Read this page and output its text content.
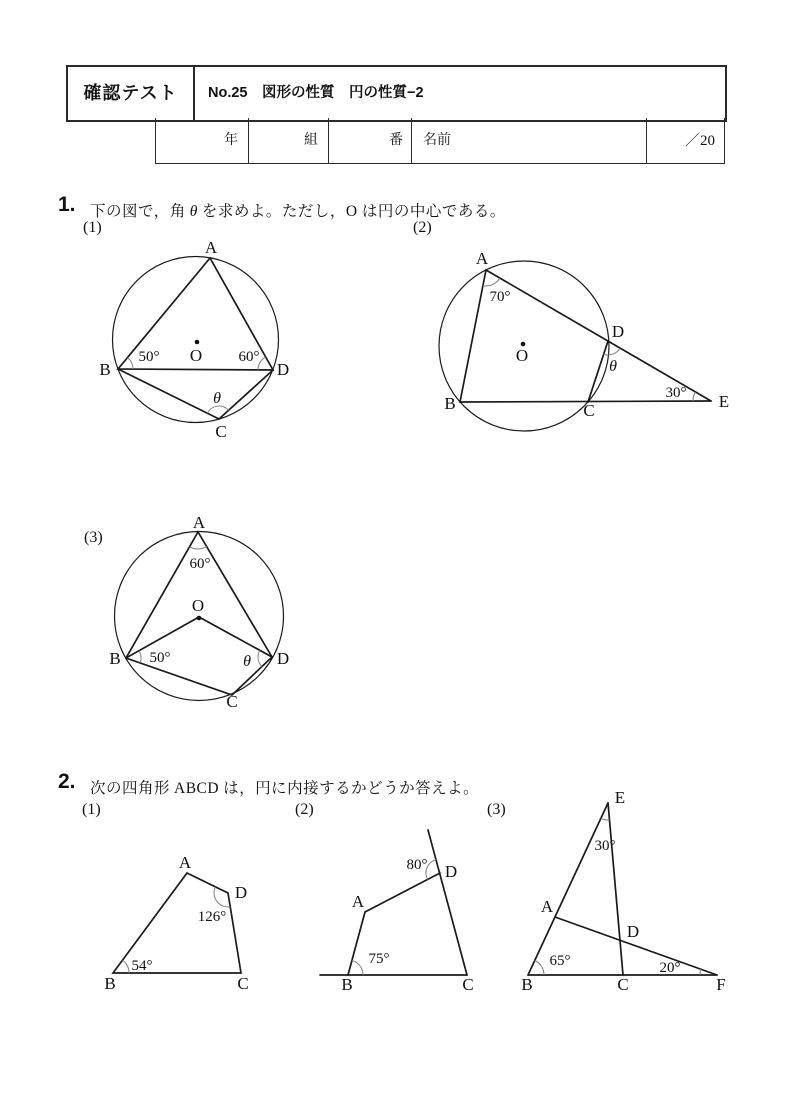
確認テスト	No.25　図形の性質　円の性質−2
年	組	番	名前	／20
1. 下の図で，角 θ を求めよ。ただし，O は円の中心である。
(1)	(2)
(3)
2. 次の四角形 ABCD は，円に内接するかどうか答えよ。
(1)	(2)	(3)
A
B
C
D
O
50°	60°
θ
A
B	C
D
E
O
70°
θ
30°
A
B
C
D
O
60°
50°	θ
A
B	C
D
126°
54°
A
B	C
D
80°
75°
E
B	C	F
A
D
30°
65°	20°
